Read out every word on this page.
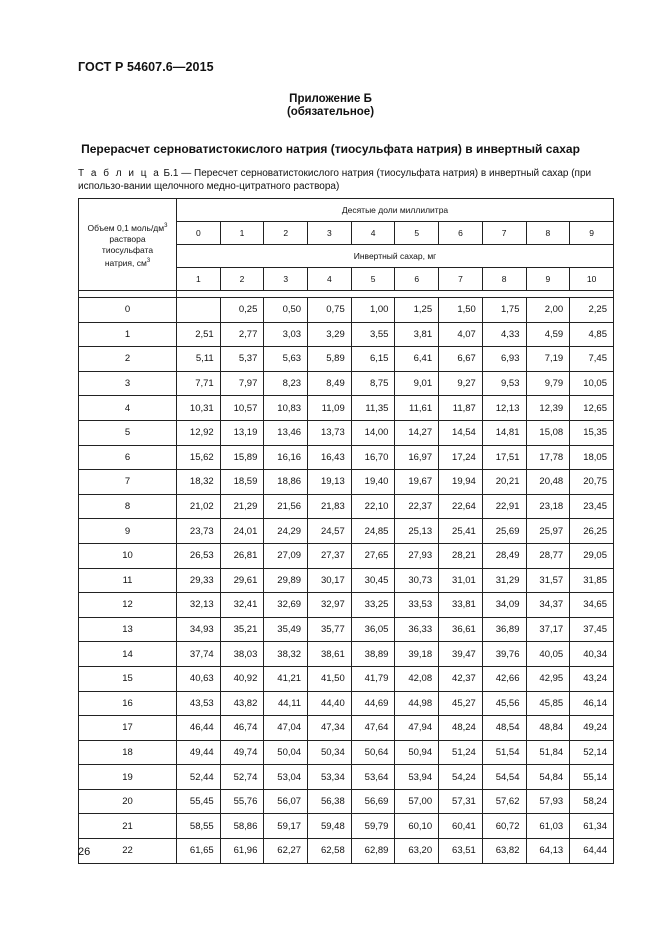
ГОСТ Р 54607.6—2015
Приложение Б
(обязательное)
Перерасчет серноватистокислого натрия (тиосульфата натрия) в инвертный сахар
Т а б л и ц а Б.1 — Пересчет серноватистокислого натрия (тиосульфата натрия) в инвертный сахар (при использо-вании щелочного медно-цитратного раствора)
Объем 0,1 моль/$дм^3$
раствора
тиосульфата
натрия, $см^3$	Десятые доли миллилитра									
	0	1	2	3	4	5	6	7	8	9
	Инвертный сахар, мг									
	1	2	3	4	5	6	7	8	9	10

0		0,25	0,50	0,75	1,00	1,25	1,50	1,75	2,00	2,25
1	2,51	2,77	3,03	3,29	3,55	3,81	4,07	4,33	4,59	4,85
2	5,11	5,37	5,63	5,89	6,15	6,41	6,67	6,93	7,19	7,45
3	7,71	7,97	8,23	8,49	8,75	9,01	9,27	9,53	9,79	10,05
4	10,31	10,57	10,83	11,09	11,35	11,61	11,87	12,13	12,39	12,65
5	12,92	13,19	13,46	13,73	14,00	14,27	14,54	14,81	15,08	15,35
6	15,62	15,89	16,16	16,43	16,70	16,97	17,24	17,51	17,78	18,05
7	18,32	18,59	18,86	19,13	19,40	19,67	19,94	20,21	20,48	20,75
8	21,02	21,29	21,56	21,83	22,10	22,37	22,64	22,91	23,18	23,45
9	23,73	24,01	24,29	24,57	24,85	25,13	25,41	25,69	25,97	26,25
10	26,53	26,81	27,09	27,37	27,65	27,93	28,21	28,49	28,77	29,05
11	29,33	29,61	29,89	30,17	30,45	30,73	31,01	31,29	31,57	31,85
12	32,13	32,41	32,69	32,97	33,25	33,53	33,81	34,09	34,37	34,65
13	34,93	35,21	35,49	35,77	36,05	36,33	36,61	36,89	37,17	37,45
14	37,74	38,03	38,32	38,61	38,89	39,18	39,47	39,76	40,05	40,34
15	40,63	40,92	41,21	41,50	41,79	42,08	42,37	42,66	42,95	43,24
16	43,53	43,82	44,11	44,40	44,69	44,98	45,27	45,56	45,85	46,14
17	46,44	46,74	47,04	47,34	47,64	47,94	48,24	48,54	48,84	49,24
18	49,44	49,74	50,04	50,34	50,64	50,94	51,24	51,54	51,84	52,14
19	52,44	52,74	53,04	53,34	53,64	53,94	54,24	54,54	54,84	55,14
20	55,45	55,76	56,07	56,38	56,69	57,00	57,31	57,62	57,93	58,24
21	58,55	58,86	59,17	59,48	59,79	60,10	60,41	60,72	61,03	61,34
22	61,65	61,96	62,27	62,58	62,89	63,20	63,51	63,82	64,13	64,44
26
